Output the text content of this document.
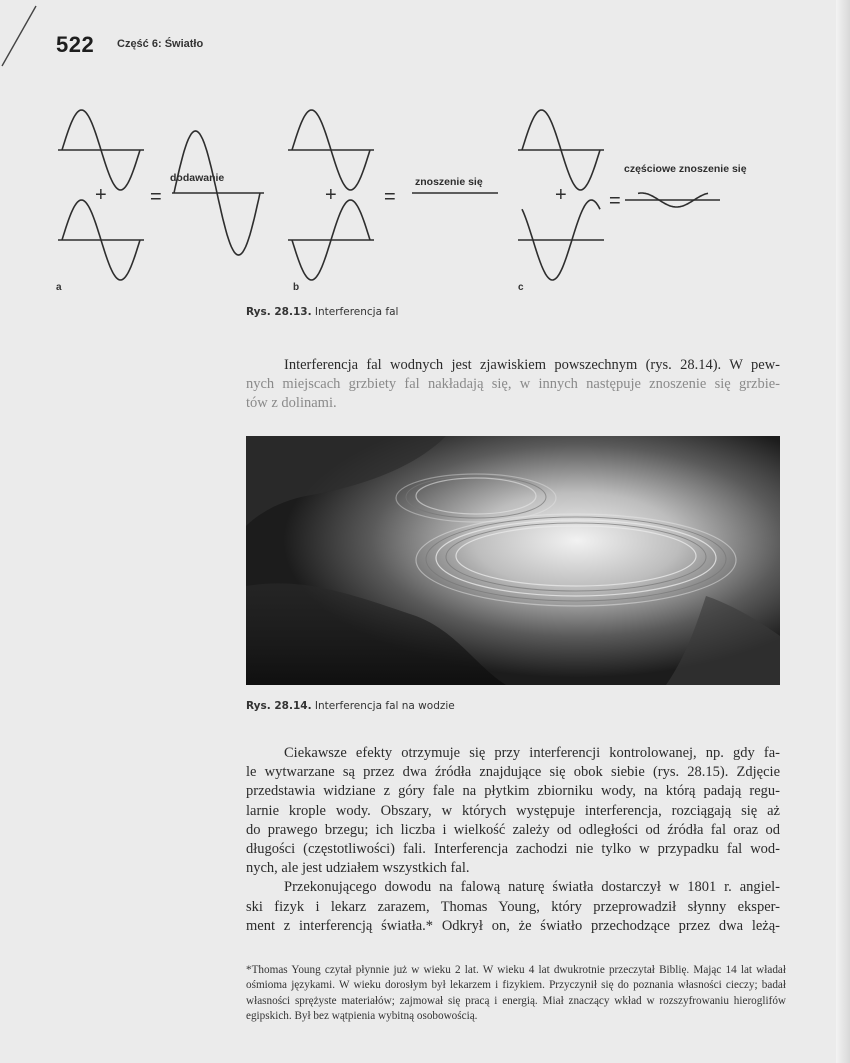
522 Część 6: Światło
+ =	+ =	+ =
dodawanie	znoszenie się
częściowe znoszenie się
a	b	c
Rys. 28.13. Interferencja fal
Interferencja fal wodnych jest zjawiskiem powszechnym (rys. 28.14). W pew-
nych miejscach grzbiety fal nakładają się, w innych następuje znoszenie się grzbie-
tów z dolinami.
Rys. 28.14. Interferencja fal na wodzie
Ciekawsze efekty otrzymuje się przy interferencji kontrolowanej, np. gdy fa-
le wytwarzane są przez dwa źródła znajdujące się obok siebie (rys. 28.15). Zdjęcie
przedstawia widziane z góry fale na płytkim zbiorniku wody, na którą padają regu-
larnie krople wody. Obszary, w których występuje interferencja, rozciągają się aż
do prawego brzegu; ich liczba i wielkość zależy od odległości od źródła fal oraz od
długości (częstotliwości) fali. Interferencja zachodzi nie tylko w przypadku fal wod-
nych, ale jest udziałem wszystkich fal.
Przekonującego dowodu na falową naturę światła dostarczył w 1801 r. angiel-
ski fizyk i lekarz zarazem, Thomas Young, który przeprowadził słynny eksper-
ment z interferencją światła.* Odkrył on, że światło przechodzące przez dwa leżą-
*Thomas Young czytał płynnie już w wieku 2 lat. W wieku 4 lat dwukrotnie przeczytał Biblię. Mając 14 lat władał ośmioma językami. W wieku dorosłym był lekarzem i fizykiem. Przyczynił się do poznania własności cieczy; badał własności sprężyste materiałów; zajmował się pracą i energią. Miał znaczący wkład w rozszyfrowaniu hieroglifów egipskich. Był bez wątpienia wybitną osobowością.
